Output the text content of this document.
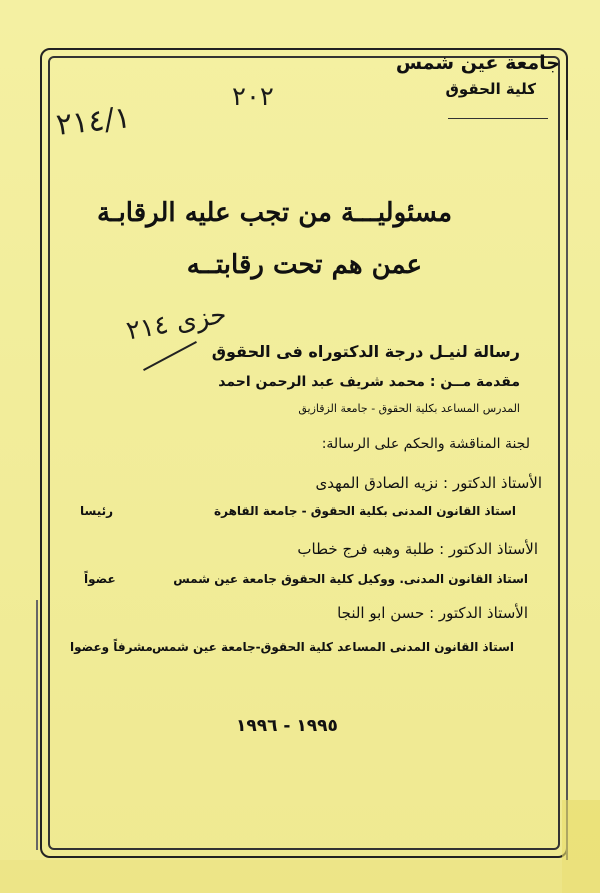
جامعة عين شمس
كلية الحقوق
٢٠٢
٢١٤/١
حزى ٢١٤
مسئوليـــة من تجب عليه الرقابـة
عمن هم تحت رقابتــه
رسالة لنيـل درجة الدكتوراه فى الحقوق
مقدمة مــن : محمد شريف عبد الرحمن احمد
المدرس المساعد بكلية الحقوق - جامعة الزقازيق
لجنة المناقشة والحكم على الرسالة:
الأستاذ الدكتور : نزيه الصادق المهدى
استاذ القانون المدنى بكلية الحقوق - جامعة القاهرة
رئيسا
الأستاذ الدكتور : طلبة وهبه فرج خطاب
استاذ القانون المدنى. ووكيل كلية الحقوق جامعة عين شمس
عضواً
الأستاذ الدكتور : حسن ابو النجا
استاذ القانون المدنى المساعد كلية الحقوق-جامعة عين شمس
مشرفاً وعضوا
١٩٩٥ - ١٩٩٦
